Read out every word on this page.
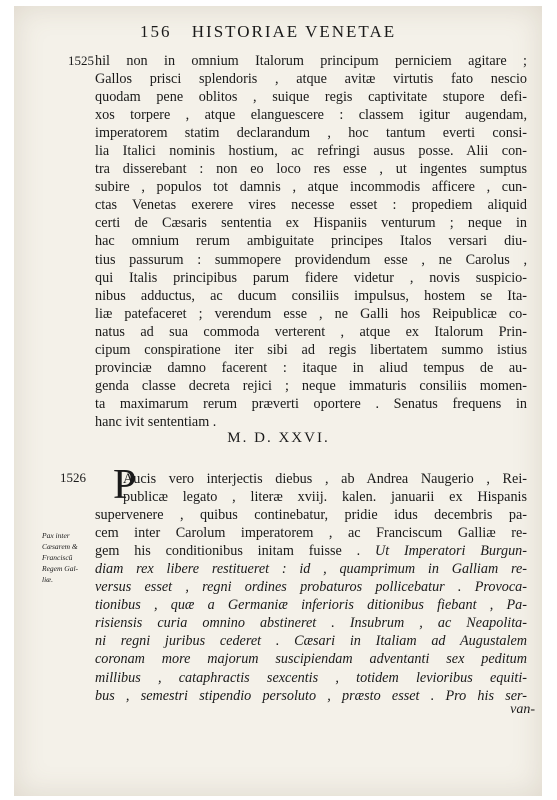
156 HISTORIAE VENETAE
1525 hil non in omnium Italorum principum perniciem agitare ;
Gallos prisci splendoris , atque avitæ virtutis fato nescio
quodam pene oblitos , suique regis captivitate stupore defi-
xos torpere , atque elanguescere : classem igitur augendam,
imperatorem statim declarandum , hoc tantum everti consi-
lia Italici nominis hostium, ac refringi ausus posse. Alii con-
tra disserebant : non eo loco res esse , ut ingentes sumptus
subire , populos tot damnis , atque incommodis afficere , cun-
ctas Venetas exerere vires necesse esset : propediem aliquid
certi de Cæsaris sententia ex Hispaniis venturum ; neque in
hac omnium rerum ambiguitate principes Italos versari diu-
tius passurum : summopere providendum esse , ne Carolus ,
qui Italis principibus parum fidere videtur , novis suspicio-
nibus adductus, ac ducum consiliis impulsus, hostem se Ita-
liæ patefaceret ; verendum esse , ne Galli hos Reipublicæ co-
natus ad sua commoda verterent , atque ex Italorum Prin-
cipum conspiratione iter sibi ad regis libertatem summo istius
provinciæ damno facerent : itaque in aliud tempus de au-
genda classe decreta rejici ; neque immaturis consiliis momen-
ta maximarum rerum præverti oportere . Senatus frequens in
hanc ivit sententiam .
M. D. XXVI.
1526 P
Aucis vero interjectis diebus , ab Andrea Naugerio , Rei-
publicæ legato , literæ xviij. kalen. januarii ex Hispanis
supervenere , quibus continebatur, pridie idus decembris pa-
cem inter Carolum imperatorem , ac Franciscum Galliæ re-
gem his conditionibus initam fuisse . Ut Imperatori Burgun-
diam rex libere restitueret : id , quamprimum in Galliam re-
versus esset , regni ordines probaturos pollicebatur . Provoca-
tionibus , quæ a Germaniæ inferioris ditionibus fiebant , Pa-
risiensis curia omnino abstineret . Insubrum , ac Neapolita-
ni regni juribus cederet . Cæsari in Italiam ad Augustalem
coronam more majorum suscipiendam adventanti sex peditum
millibus , cataphractis sexcentis , totidem levioribus equiti-
bus , semestri stipendio persoluto , præsto esset . Pro his ser-
Pax inter
Cæsarem &
Franciscū
Regem Gal-
liæ.
van-
